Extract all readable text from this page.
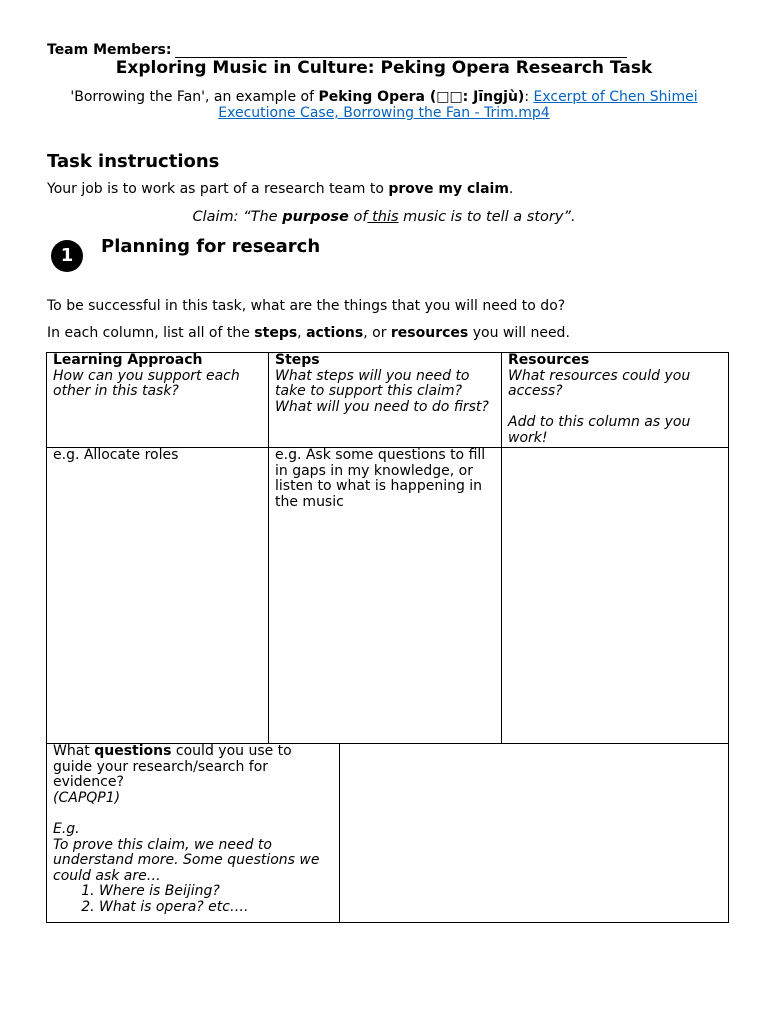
Team Members:
Exploring Music in Culture: Peking Opera Research Task
'Borrowing the Fan', an example of Peking Opera (□□: Jīngjù): Excerpt of Chen Shimei Executione Case, Borrowing the Fan - Trim.mp4
Task instructions
Your job is to work as part of a research team to prove my claim.
Claim: “The purpose of this music is to tell a story”.
1	Planning for research
To be successful in this task, what are the things that you will need to do?
In each column, list all of the steps, actions, or resources you will need.
Learning Approach
How can you support each other in this task?
Steps
What steps will you need to take to support this claim? What will you need to do first?
Resources
What resources could you access?
Add to this column as you work!
e.g. Allocate roles	e.g. Ask some questions to fill in gaps in my knowledge, or listen to what is happening in the music
What questions could you use to guide your research/search for evidence?
(CAPQP1)
E.g.
To prove this claim, we need to understand more. Some questions we could ask are…
1. Where is Beijing?
2. What is opera? etc….
